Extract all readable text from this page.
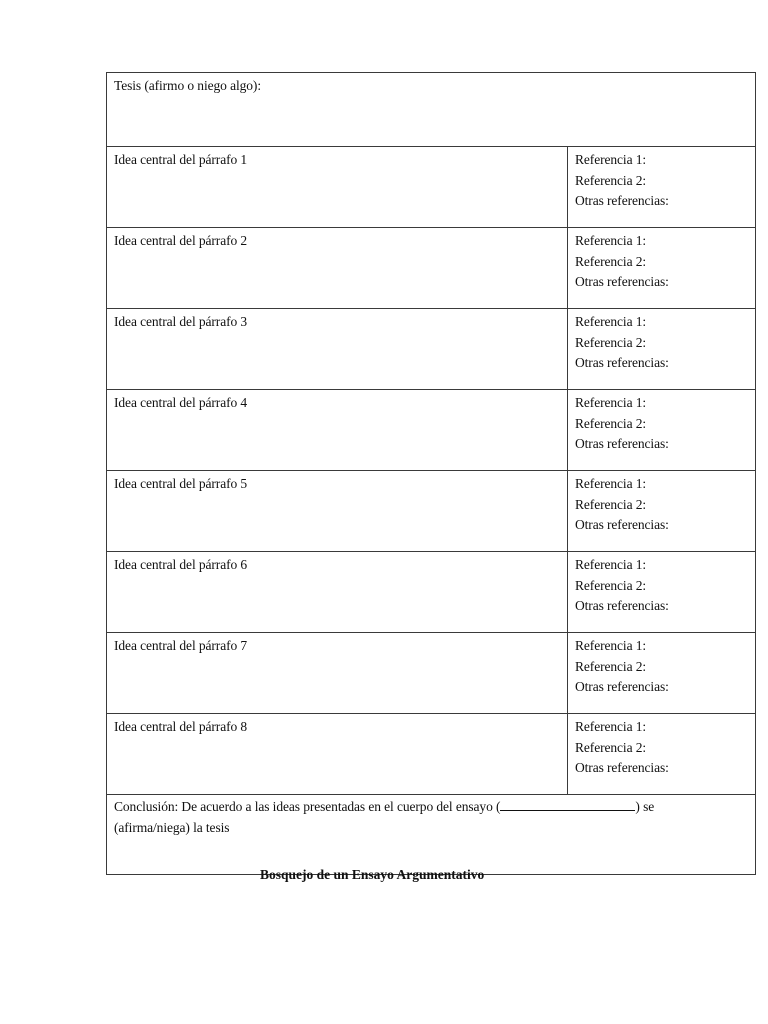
Tesis (afirmo o niego algo):	
Idea central del párrafo 1	Referencia 1:
Referencia 2:
Otras referencias:

Idea central del párrafo 2	Referencia 1:
Referencia 2:
Otras referencias:

Idea central del párrafo 3	Referencia 1:
Referencia 2:
Otras referencias:

Idea central del párrafo 4	Referencia 1:
Referencia 2:
Otras referencias:

Idea central del párrafo 5	Referencia 1:
Referencia 2:
Otras referencias:

Idea central del párrafo 6	Referencia 1:
Referencia 2:
Otras referencias:

Idea central del párrafo 7	Referencia 1:
Referencia 2:
Otras referencias:

Idea central del párrafo 8	Referencia 1:
Referencia 2:
Otras referencias:

Conclusión: De acuerdo a las ideas presentadas en el cuerpo del ensayo ( ) se
(afirma/niega) la tesis	
Bosquejo de un Ensayo Argumentativo
